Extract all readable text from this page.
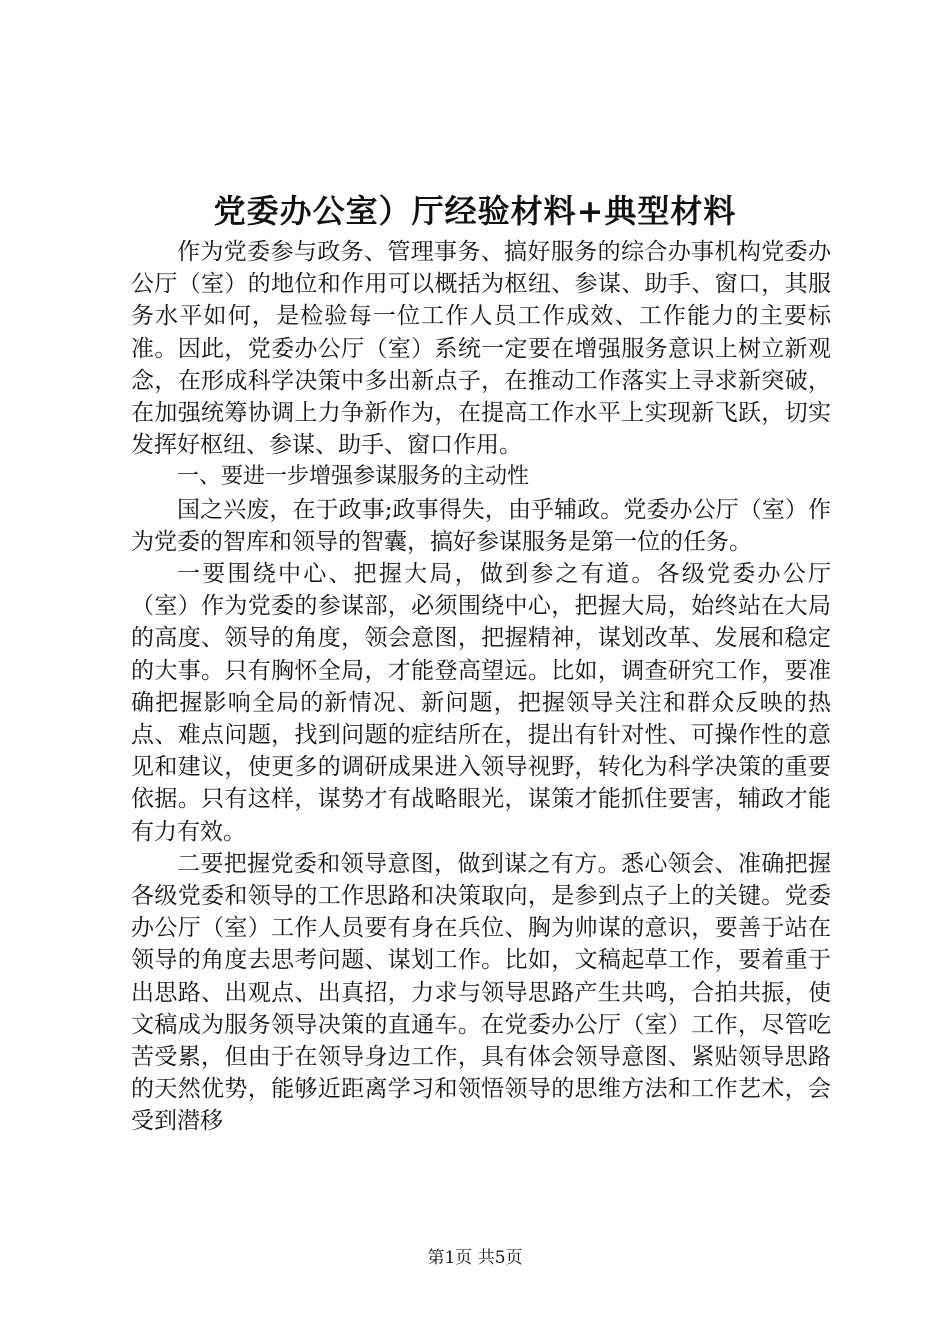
党委办公室）厅经验材料+典型材料

作为党委参与政务、管理事务、搞好服务的综合办事机构党委办公厅（室）的地位和作用可以概括为枢纽、参谋、助手、窗口，其服务水平如何，是检验每一位工作人员工作成效、工作能力的主要标准。因此，党委办公厅（室）系统一定要在增强服务意识上树立新观念，在形成科学决策中多出新点子，在推动工作落实上寻求新突破，在加强统筹协调上力争新作为，在提高工作水平上实现新飞跃，切实发挥好枢纽、参谋、助手、窗口作用。

一、要进一步增强参谋服务的主动性

国之兴废，在于政事;政事得失，由乎辅政。党委办公厅（室）作为党委的智库和领导的智囊，搞好参谋服务是第一位的任务。

一要围绕中心、把握大局，做到参之有道。各级党委办公厅（室）作为党委的参谋部，必须围绕中心，把握大局，始终站在大局的高度、领导的角度，领会意图，把握精神，谋划改革、发展和稳定的大事。只有胸怀全局，才能登高望远。比如，调查研究工作，要准确把握影响全局的新情况、新问题，把握领导关注和群众反映的热点、难点问题，找到问题的症结所在，提出有针对性、可操作性的意见和建议，使更多的调研成果进入领导视野，转化为科学决策的重要依据。只有这样，谋势才有战略眼光，谋策才能抓住要害，辅政才能有力有效。

二要把握党委和领导意图，做到谋之有方。悉心领会、准确把握各级党委和领导的工作思路和决策取向，是参到点子上的关键。党委办公厅（室）工作人员要有身在兵位、胸为帅谋的意识，要善于站在领导的角度去思考问题、谋划工作。比如，文稿起草工作，要着重于出思路、出观点、出真招，力求与领导思路产生共鸣，合拍共振，使文稿成为服务领导决策的直通车。在党委办公厅（室）工作，尽管吃苦受累，但由于在领导身边工作，具有体会领导意图、紧贴领导思路的天然优势，能够近距离学习和领悟领导的思维方法和工作艺术，会受到潜移

第1页 共5页
